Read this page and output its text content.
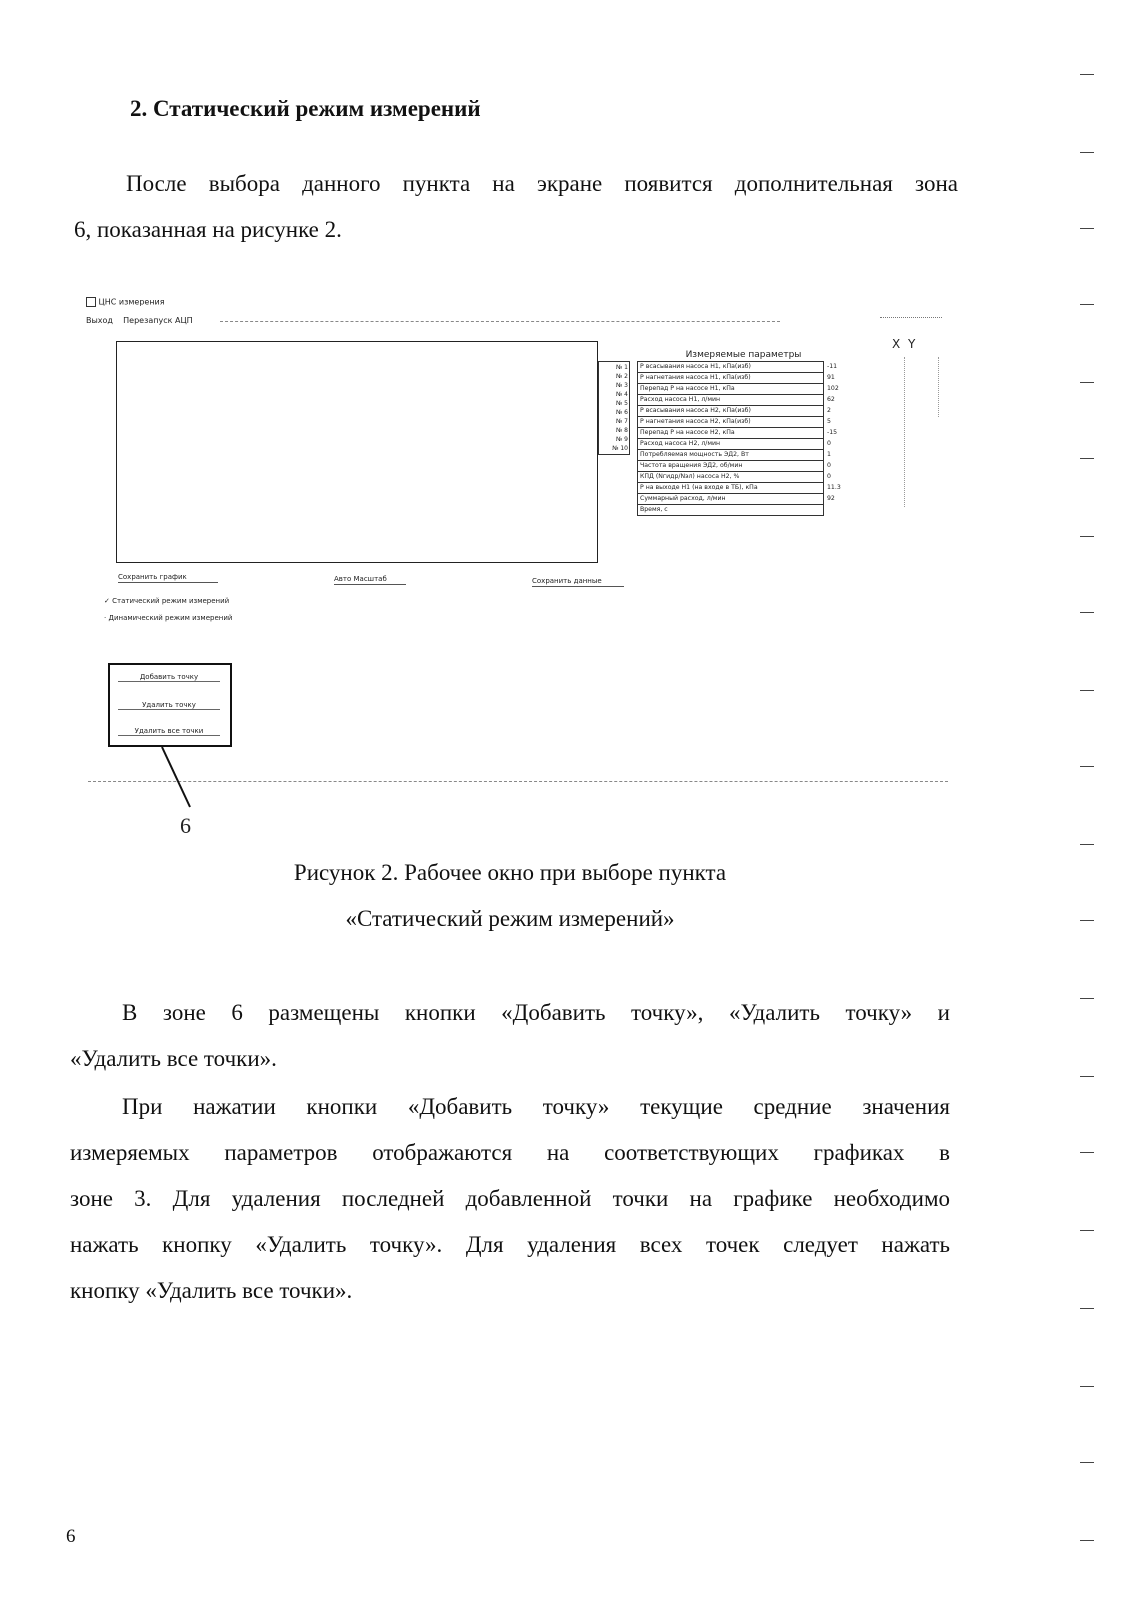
2. Статический режим измерений
После выбора данного пункта на экране появится дополнительная зона
6, показанная на рисунке 2.
ЦНС измерения
Выход Перезапуск АЦП
№ 1
№ 2
№ 3
№ 4
№ 5
№ 6
№ 7
№ 8
№ 9
№ 10
Измеряемые параметры
Р всасывания насоса Н1, кПа(изб)	-11
Р нагнетания насоса Н1, кПа(изб)	91
Перепад Р на насосе Н1, кПа	102
Расход насоса Н1, л/мин	62
Р всасывания насоса Н2, кПа(изб)	2
Р нагнетания насоса Н2, кПа(изб)	5
Перепад Р на насосе Н2, кПа	-15
Расход насоса Н2, л/мин	0
Потребляемая мощность ЭД2, Вт	1
Частота вращения ЭД2, об/мин	0
КПД (Nгидр/Nэл) насоса Н2, %	0
Р на выходе Н1 (на входе в ТБ), кПа	11.3
Суммарный расход, л/мин	92
Время, с	
X Y
Сохранить график	Авто Масштаб	Сохранить данные
✓ Статический режим измерений
· Динамический режим измерений
Добавить точку
Удалить точку
Удалить все точки
6
Рисунок 2. Рабочее окно при выборе пункта
«Статический режим измерений»
В зоне 6 размещены кнопки «Добавить точку», «Удалить точку» и
«Удалить все точки».
При нажатии кнопки «Добавить точку» текущие средние значения
измеряемых параметров отображаются на соответствующих графиках в
зоне 3. Для удаления последней добавленной точки на графике необходимо
нажать кнопку «Удалить точку». Для удаления всех точек следует нажать
кнопку «Удалить все точки».
6
